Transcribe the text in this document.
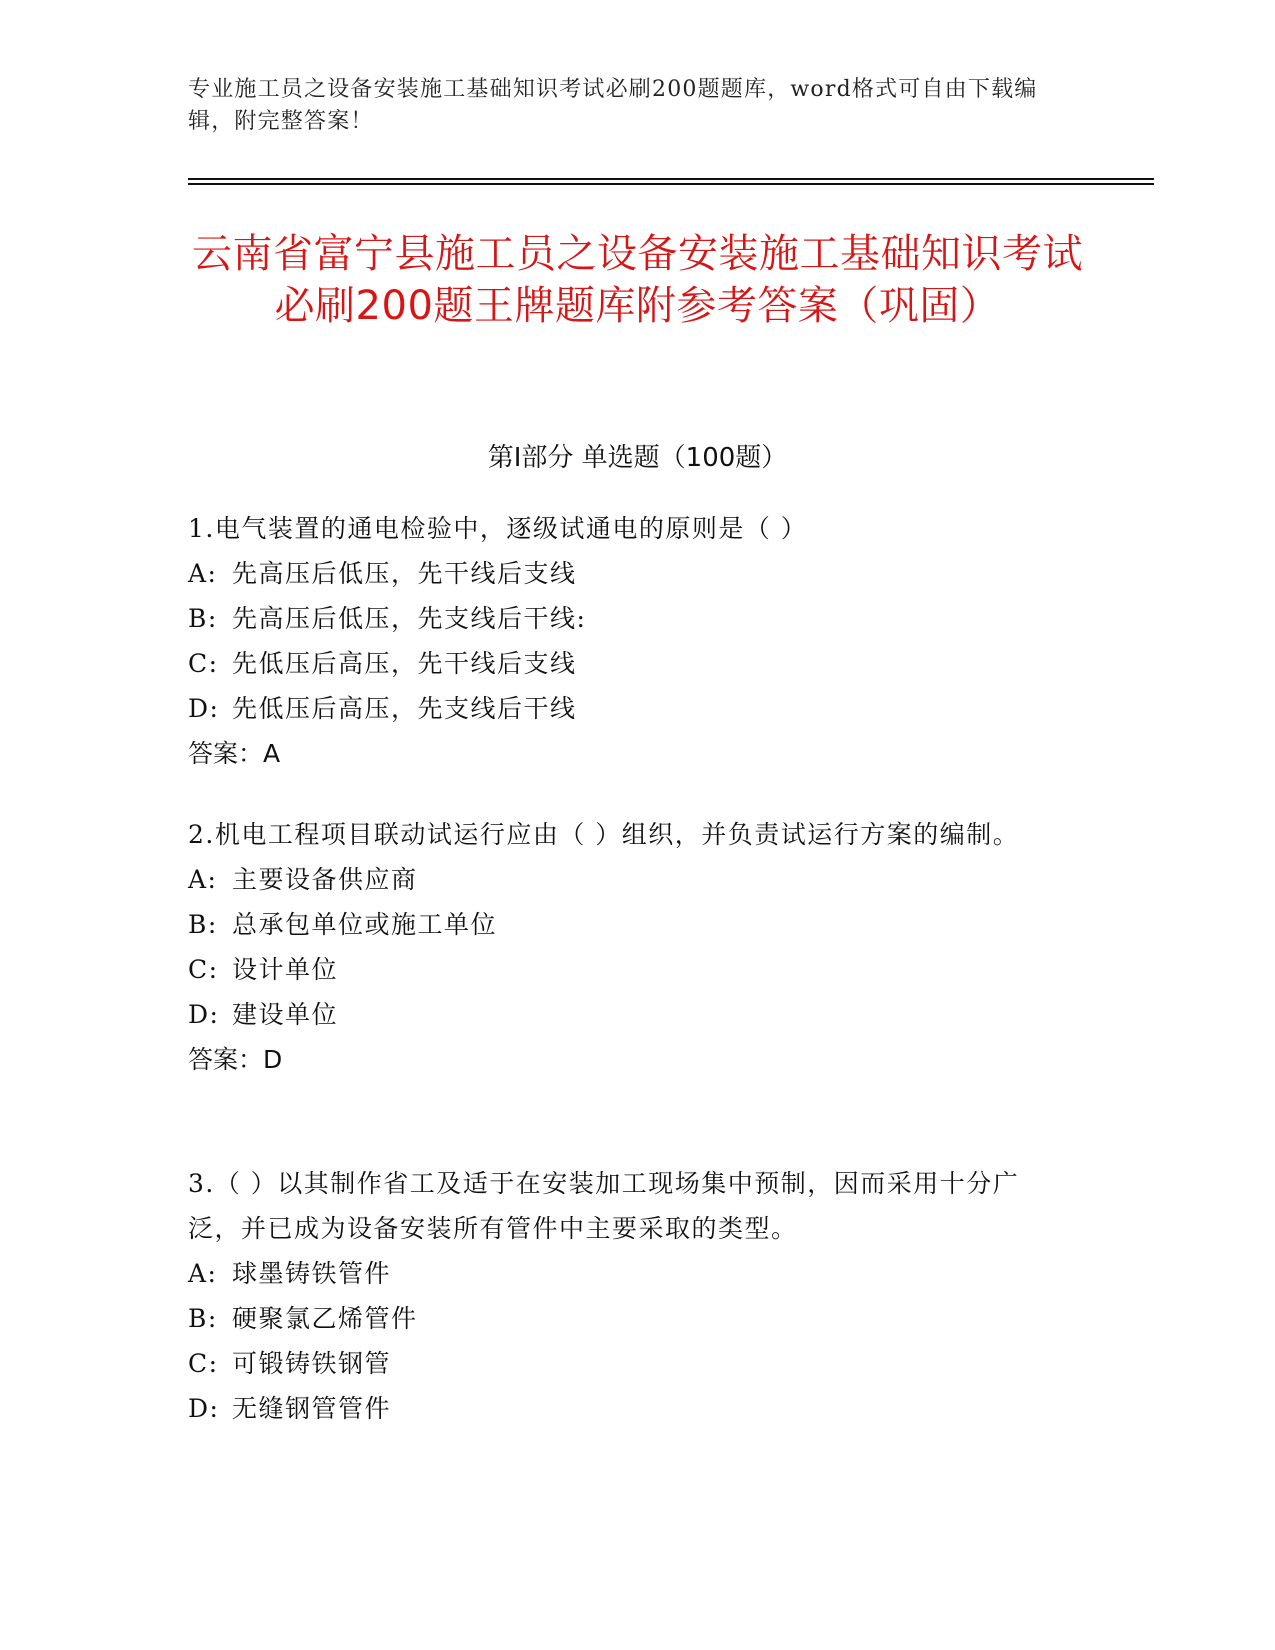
专业施工员之设备安装施工基础知识考试必刷200题题库，word格式可自由下载编辑，附完整答案！
云南省富宁县施工员之设备安装施工基础知识考试必刷200题王牌题库附参考答案（巩固）
第I部分 单选题（100题）
1.电气装置的通电检验中，逐级试通电的原则是（ ）
A: 先高压后低压，先干线后支线
B: 先高压后低压，先支线后干线:
C: 先低压后高压，先干线后支线
D: 先低压后高压，先支线后干线
答案：A
2.机电工程项目联动试运行应由（ ）组织，并负责试运行方案的编制。
A: 主要设备供应商
B: 总承包单位或施工单位
C: 设计单位
D: 建设单位
答案：D
3.（ ）以其制作省工及适于在安装加工现场集中预制，因而采用十分广泛，并已成为设备安装所有管件中主要采取的类型。
A: 球墨铸铁管件
B: 硬聚氯乙烯管件
C: 可锻铸铁钢管
D: 无缝钢管管件
